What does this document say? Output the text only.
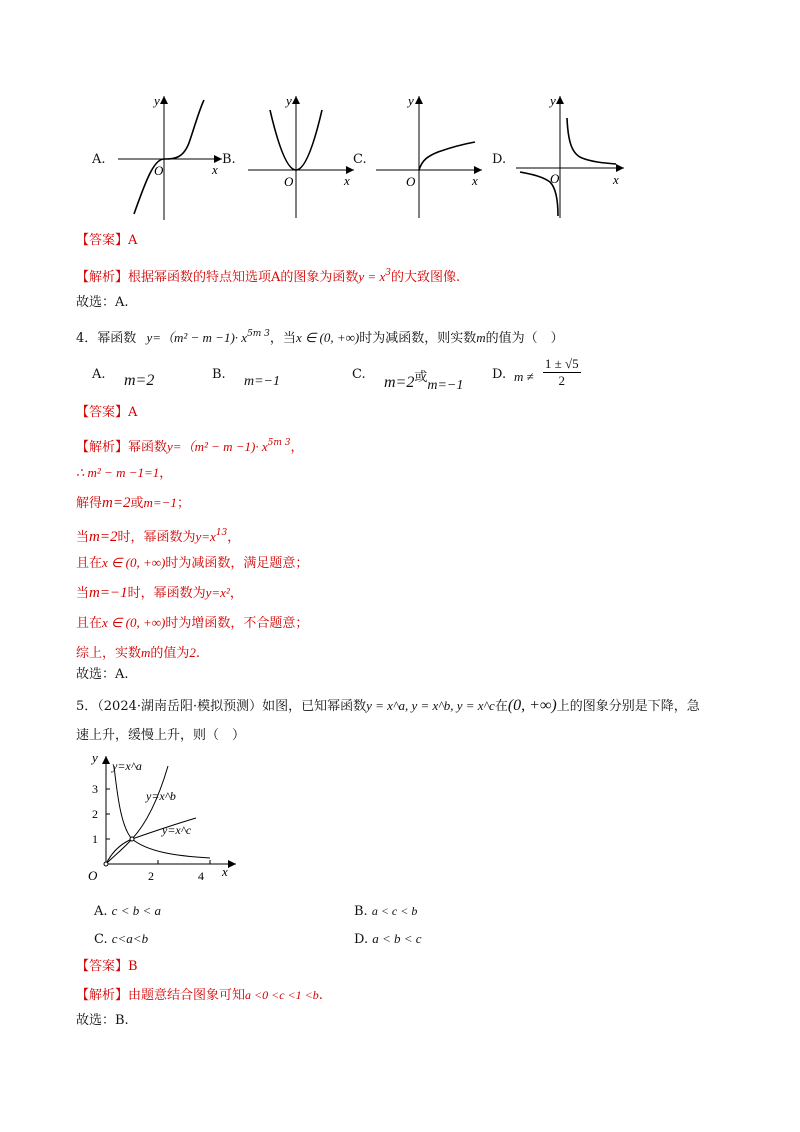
A.
O	x
y
B.
O	x
y
C.
O	x
y
D.
O	x
y
【答案】A
【解析】根据幂函数的特点知选项A的图象为函数$y = x^3$的大致图像.
故选：A.
4．幂函数 $y=(m^2 - m -1)\cdot x^{5m 3}$，当x ∈ (0, +∞)时为减函数，则实数m的值为（　）
A. m=2	B. m=−1	C. m=2或m=−1
D. $_{m \ne} \frac{1 \pm √5}{2}$
【答案】A
【解析】幂函数$y=(m^2 - m -1)\cdot x^{5m 3}$，
∴ m² − m −1=1，
解得m=2或m=−1；
当m=2时，幂函数为$y=x^{13}$，
且在x ∈ (0, +∞)时为减函数，满足题意；
当m=−1时，幂函数为y=x²，
且在x ∈ (0, +∞)时为增函数，不合题意；
综上，实数m的值为2.
故选：A.
5．（2024·湖南岳阳·模拟预测）如图，已知幂函数y = x^a, y = x^b, y = x^c在(0, +∞)上的图象分别是下降，急
速上升，缓慢上升，则（　）
y
x
O
1
2
3
2	4
y=x^a
y=x^b
y=x^c
A. c < b < a	B. a < c < b
C. c<a<b	D. a < b < c
【答案】B
【解析】由题意结合图象可知a <0 <c <1 <b.
故选：B.
